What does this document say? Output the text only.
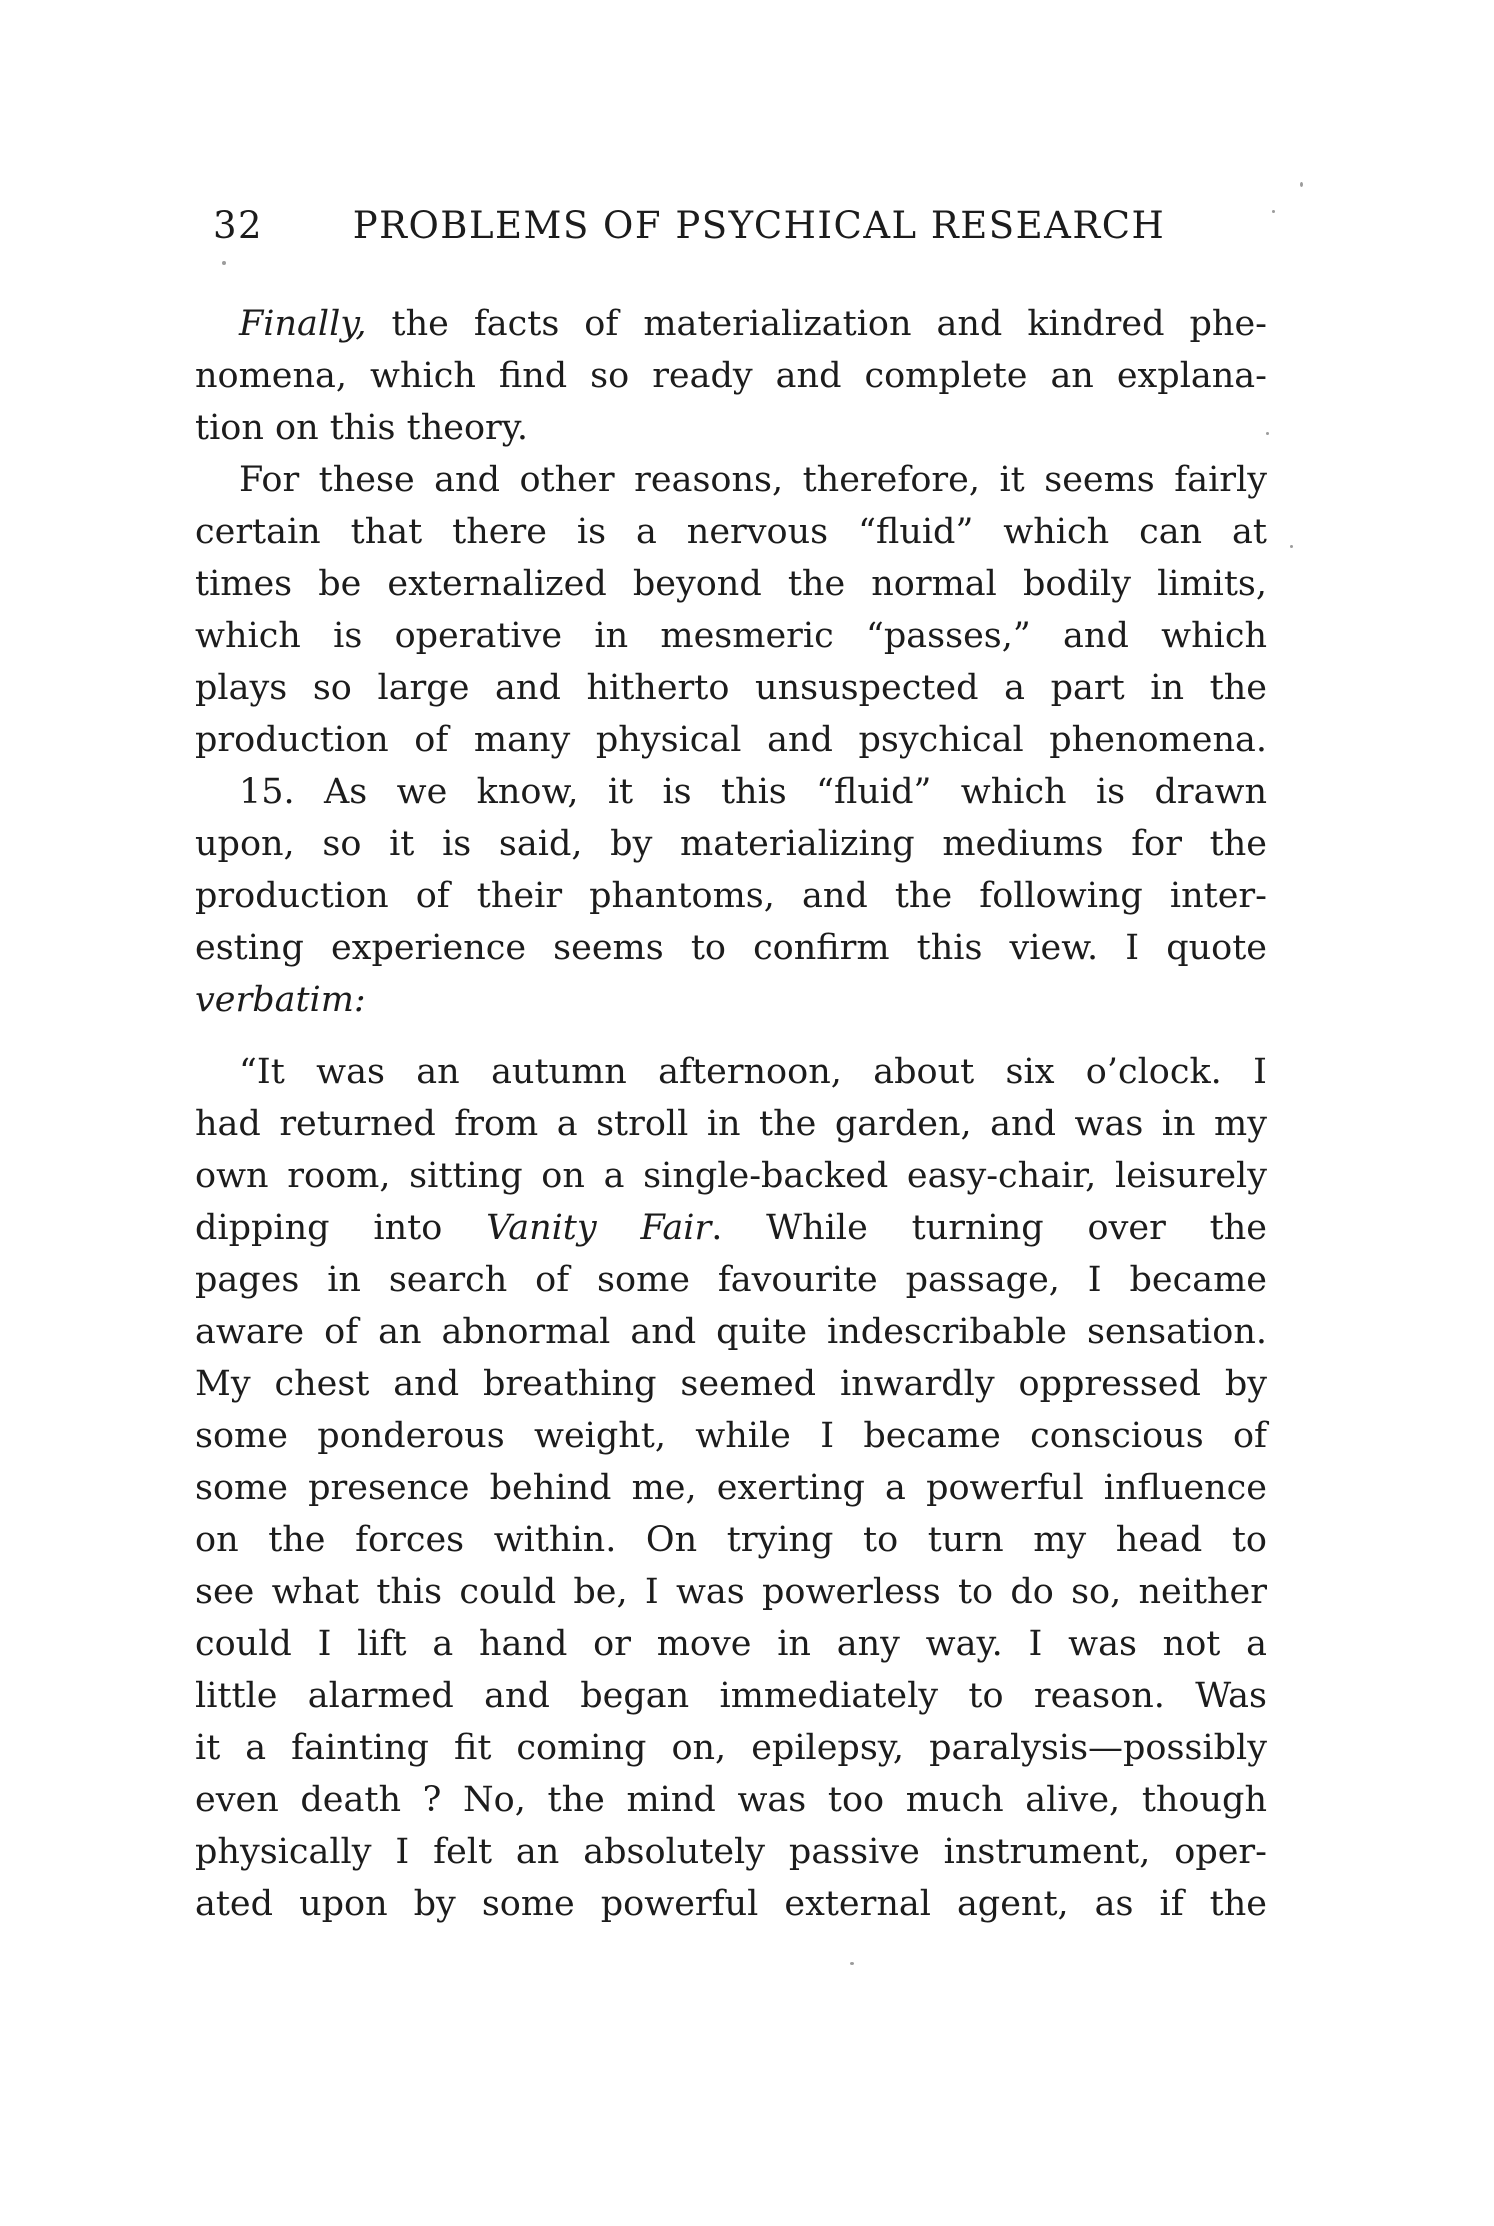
32	PROBLEMS OF PSYCHICAL RESEARCH
Finally, the facts of materialization and kindred phe-
nomena, which find so ready and complete an explana-
tion on this theory.
For these and other reasons, therefore, it seems fairly
certain that there is a nervous “fluid” which can at
times be externalized beyond the normal bodily limits,
which is operative in mesmeric “passes,” and which
plays so large and hitherto unsuspected a part in the
production of many physical and psychical phenomena.
15. As we know, it is this “fluid” which is drawn
upon, so it is said, by materializing mediums for the
production of their phantoms, and the following inter-
esting experience seems to confirm this view. I quote
verbatim:
“It was an autumn afternoon, about six o’clock. I
had returned from a stroll in the garden, and was in my
own room, sitting on a single-backed easy-chair, leisurely
dipping into Vanity Fair. While turning over the
pages in search of some favourite passage, I became
aware of an abnormal and quite indescribable sensation.
My chest and breathing seemed inwardly oppressed by
some ponderous weight, while I became conscious of
some presence behind me, exerting a powerful influence
on the forces within. On trying to turn my head to
see what this could be, I was powerless to do so, neither
could I lift a hand or move in any way. I was not a
little alarmed and began immediately to reason. Was
it a fainting fit coming on, epilepsy, paralysis—possibly
even death ? No, the mind was too much alive, though
physically I felt an absolutely passive instrument, oper-
ated upon by some powerful external agent, as if the
